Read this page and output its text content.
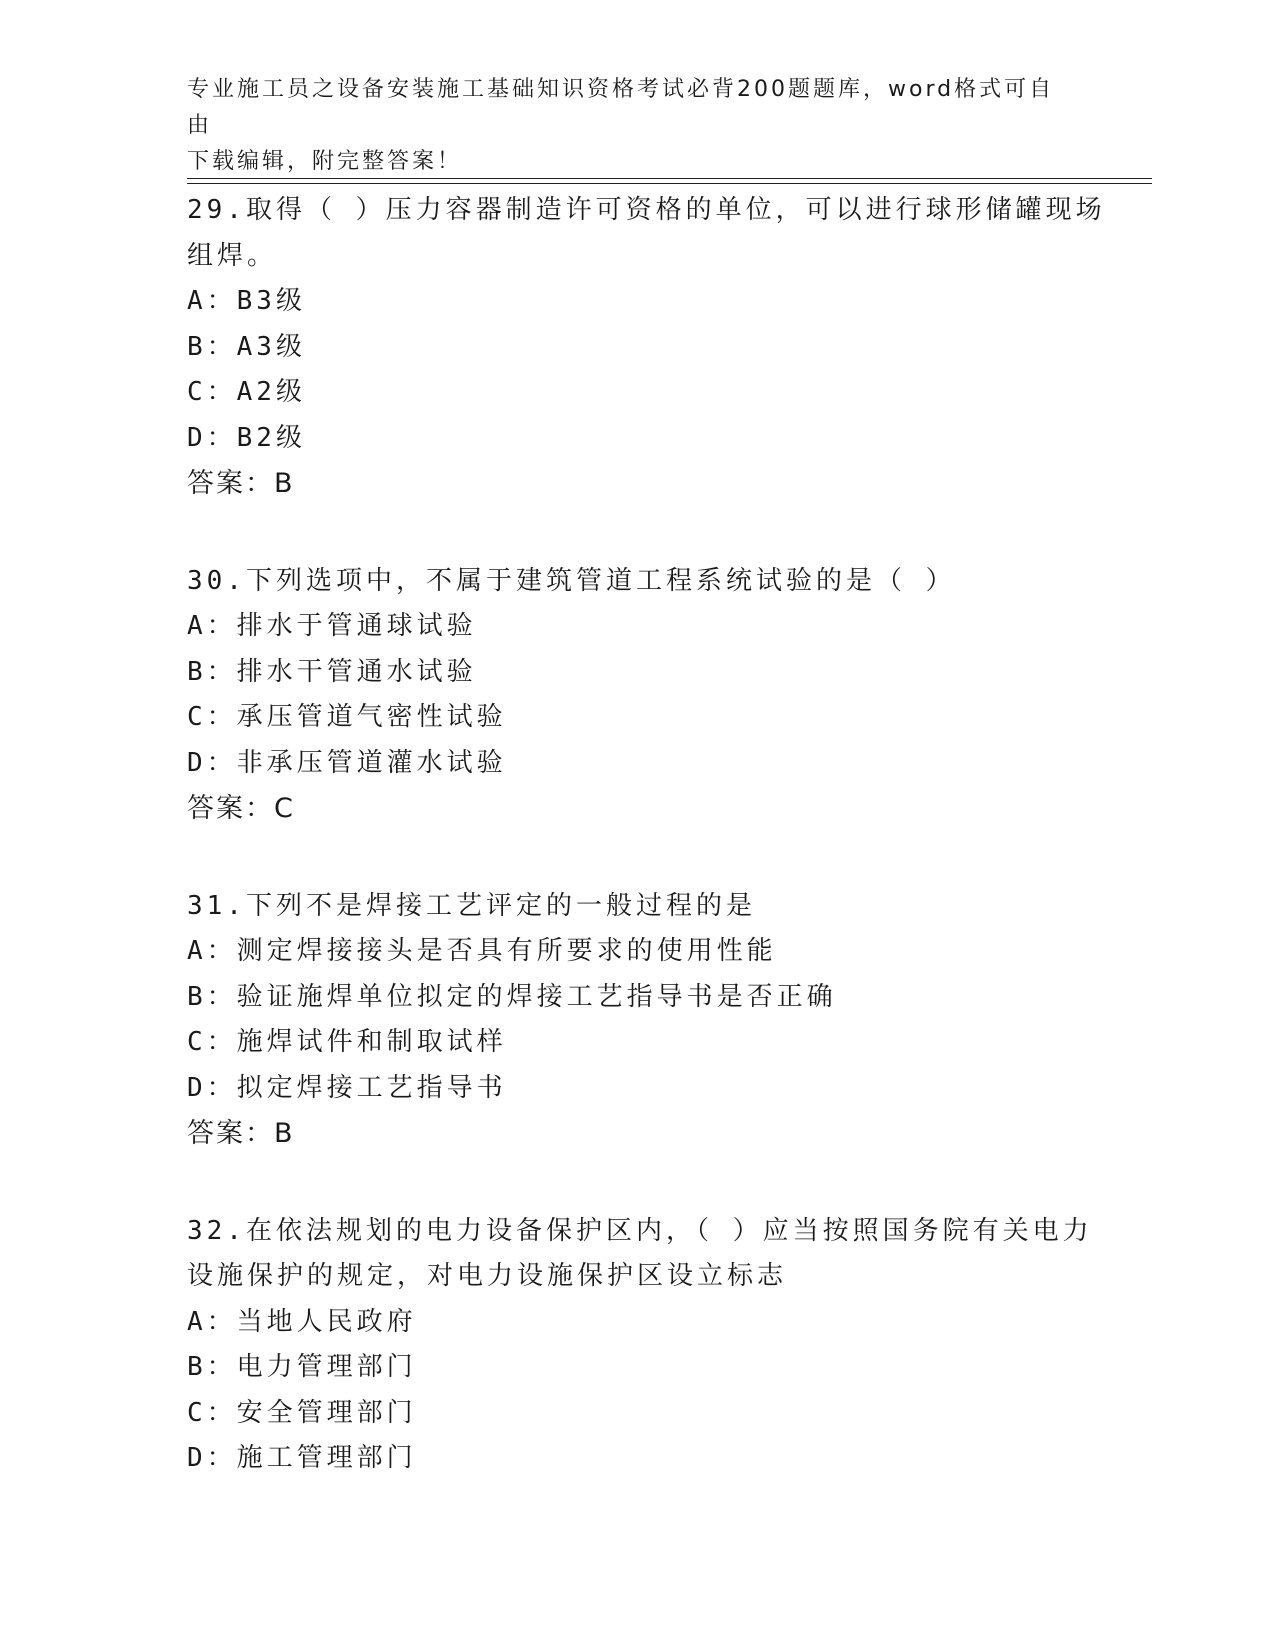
专业施工员之设备安装施工基础知识资格考试必背200题题库，word格式可自由
下载编辑，附完整答案！
29.取得（ ）压力容器制造许可资格的单位，可以进行球形储罐现场
组焊。
A：B3级
B：A3级
C：A2级
D：B2级
答案：B
30.下列选项中，不属于建筑管道工程系统试验的是（ ）
A：排水于管通球试验
B：排水干管通水试验
C：承压管道气密性试验
D：非承压管道灌水试验
答案：C
31.下列不是焊接工艺评定的一般过程的是
A：测定焊接接头是否具有所要求的使用性能
B：验证施焊单位拟定的焊接工艺指导书是否正确
C：施焊试件和制取试样
D：拟定焊接工艺指导书
答案：B
32.在依法规划的电力设备保护区内，（ ）应当按照国务院有关电力
设施保护的规定，对电力设施保护区设立标志
A：当地人民政府
B：电力管理部门
C：安全管理部门
D：施工管理部门
